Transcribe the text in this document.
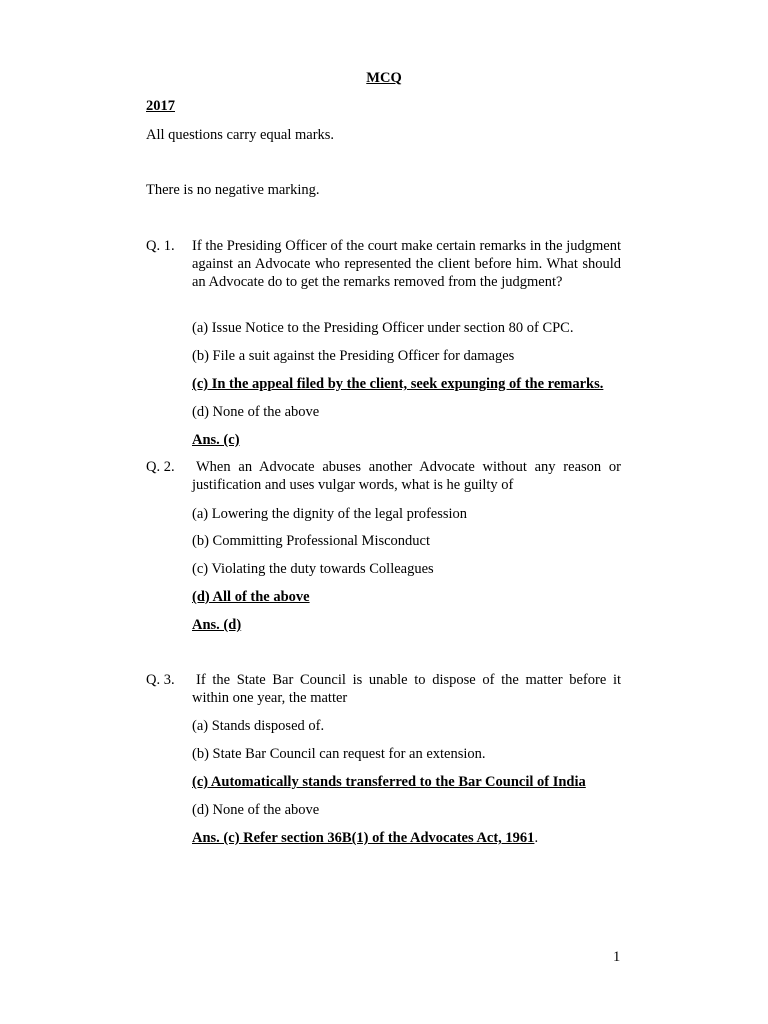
MCQ
2017
All questions carry equal marks.
There is no negative marking.
Q. 1. If the Presiding Officer of the court make certain remarks in the judgment against an Advocate who represented the client before him. What should an Advocate do to get the remarks removed from the judgment?
(a) Issue Notice to the Presiding Officer under section 80 of CPC.
(b) File a suit against the Presiding Officer for damages
(c) In the appeal filed by the client, seek expunging of the remarks.
(d) None of the above
Ans. (c)
Q. 2. When an Advocate abuses another Advocate without any reason or justification and uses vulgar words, what is he guilty of
(a) Lowering the dignity of the legal profession
(b) Committing Professional Misconduct
(c) Violating the duty towards Colleagues
(d) All of the above
Ans. (d)
Q. 3. If the State Bar Council is unable to dispose of the matter before it within one year, the matter
(a) Stands disposed of.
(b) State Bar Council can request for an extension.
(c) Automatically stands transferred to the Bar Council of India
(d) None of the above
Ans. (c) Refer section 36B(1) of the Advocates Act, 1961.
1
